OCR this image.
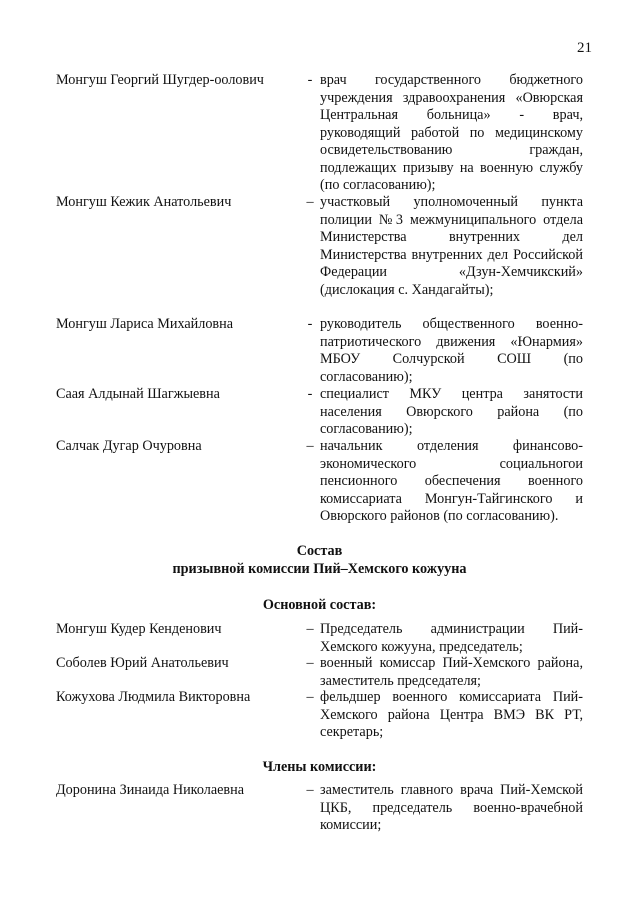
21
Монгуш Георгий Шугдер-оолович	- врач государственного бюджетного учреждения здравоохранения «Овюрская Центральная больница» - врач, руководящий работой по медицинскому освидетельствованию граждан, подлежащих призыву на военную службу (по согласованию);
Монгуш Кежик Анатольевич	– участковый уполномоченный пункта полиции №3 межмуниципального отдела Министерства внутренних дел Министерства внутренних дел Российской Федерации «Дзун-Хемчикский» (дислокация с. Хандагайты);
Монгуш Лариса Михайловна	- руководитель общественного военно-патриотического движения «Юнармия» МБОУ Солчурской СОШ (по согласованию);
Саая Алдынай Шагжыевна	- специалист МКУ центра занятости населения Овюрского района (по согласованию);
Салчак Дугар Очуровна	– начальник отделения финансово-экономического социальногои пенсионного обеспечения военного комиссариата Монгун-Тайгинского и Овюрского районов (по согласованию).
Состав
призывной комиссии Пий–Хемского кожууна
Основной состав:
Монгуш Кудер Кенденович	– Председатель администрации Пий-Хемского кожууна, председатель;
Соболев Юрий Анатольевич	– военный комиссар Пий-Хемского района, заместитель председателя;
Кожухова Людмила Викторовна	– фельдшер военного комиссариата Пий-Хемского района Центра ВМЭ ВК РТ, секретарь;
Члены комиссии:
Доронина Зинаида Николаевна	– заместитель главного врача Пий-Хемской ЦКБ, председатель военно-врачебной комиссии;
